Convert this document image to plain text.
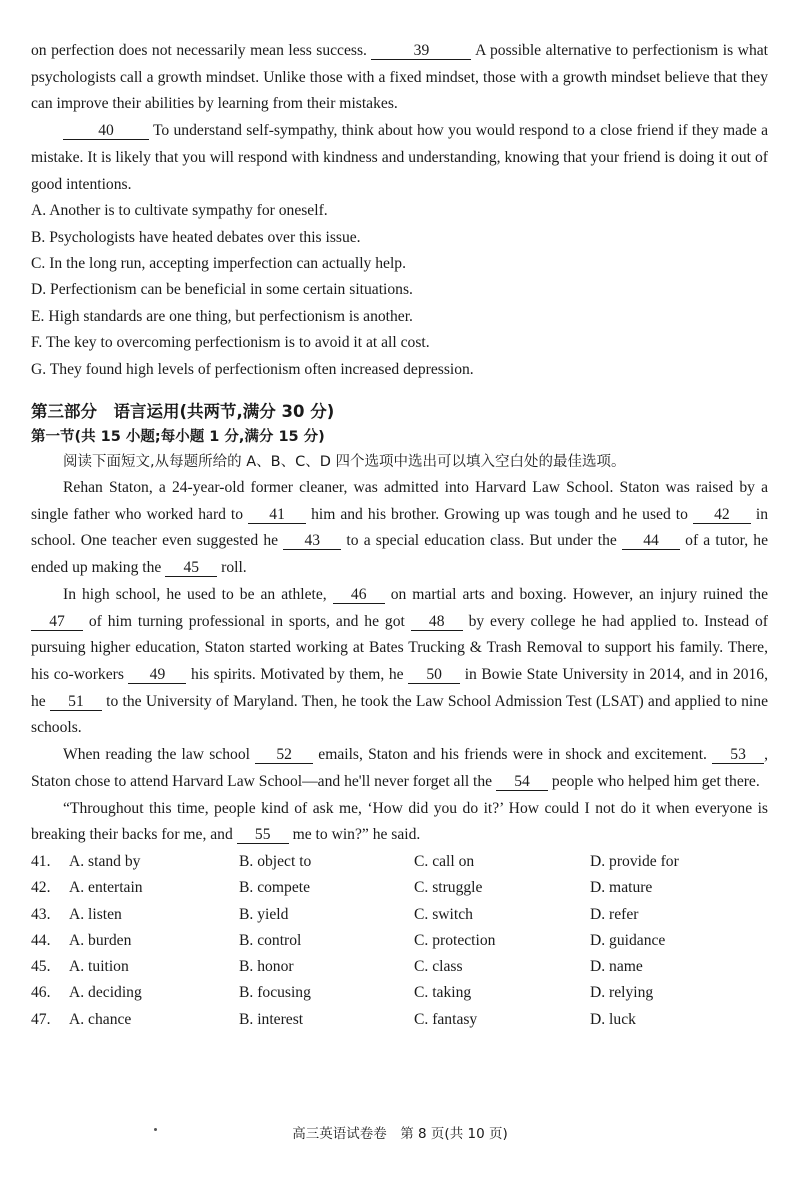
on perfection does not necessarily mean less success.	39	A possible alternative to perfectionism is what psychologists call a growth mindset. Unlike those with a fixed mindset, those with a growth mindset believe that they can improve their abilities by learning from their mistakes.

40 To understand self-sympathy, think about how you would respond to a close friend if they made a mistake. It is likely that you will respond with kindness and understanding, knowing that your friend is doing it out of good intentions.

A. Another is to cultivate sympathy for oneself.

B. Psychologists have heated debates over this issue.

C. In the long run, accepting imperfection can actually help.

D. Perfectionism can be beneficial in some certain situations.

E. High standards are one thing, but perfectionism is another.

F. The key to overcoming perfectionism is to avoid it at all cost.

G. They found high levels of perfectionism often increased depression.

第三部分　语言运用(共两节,满分 30 分)

第一节(共 15 小题;每小题 1 分,满分 15 分)

阅读下面短文,从每题所给的 A、B、C、D 四个选项中选出可以填入空白处的最佳选项。

Rehan Staton, a 24-year-old former cleaner, was admitted into Harvard Law School. Staton was raised by a single father who worked hard to 41 him and his brother. Growing up was tough and he used to 42 in school. One teacher even suggested he 43 to a special education class. But under the 44 of a tutor, he ended up making the 45 roll.

In high school, he used to be an athlete, 46 on martial arts and boxing. However, an injury ruined the 47 of him turning professional in sports, and he got 48 by every college he had applied to. Instead of pursuing higher education, Staton started working at Bates Trucking & Trash Removal to support his family. There, his co-workers 49 his spirits. Motivated by them, he 50 in Bowie State University in 2014, and in 2016, he 51 to the University of Maryland. Then, he took the Law School Admission Test (LSAT) and applied to nine schools.

When reading the law school 52 emails, Staton and his friends were in shock and excitement. 53 , Staton chose to attend Harvard Law School—and he'll never forget all the 54 people who helped him get there.

“Throughout this time, people kind of ask me, ‘How did you do it?’ How could I not do it when everyone is breaking their backs for me, and 55 me to win?” he said.

41.	A. stand by	B. object to	C. call on	D. provide for
42.	A. entertain	B. compete	C. struggle	D. mature
43.	A. listen	B. yield	C. switch	D. refer
44.	A. burden	B. control	C. protection	D. guidance
45.	A. tuition	B. honor	C. class	D. name
46.	A. deciding	B. focusing	C. taking	D. relying
47.	A. chance	B. interest	C. fantasy	D. luck
高三英语试卷卷　第 8 页(共 10 页)
